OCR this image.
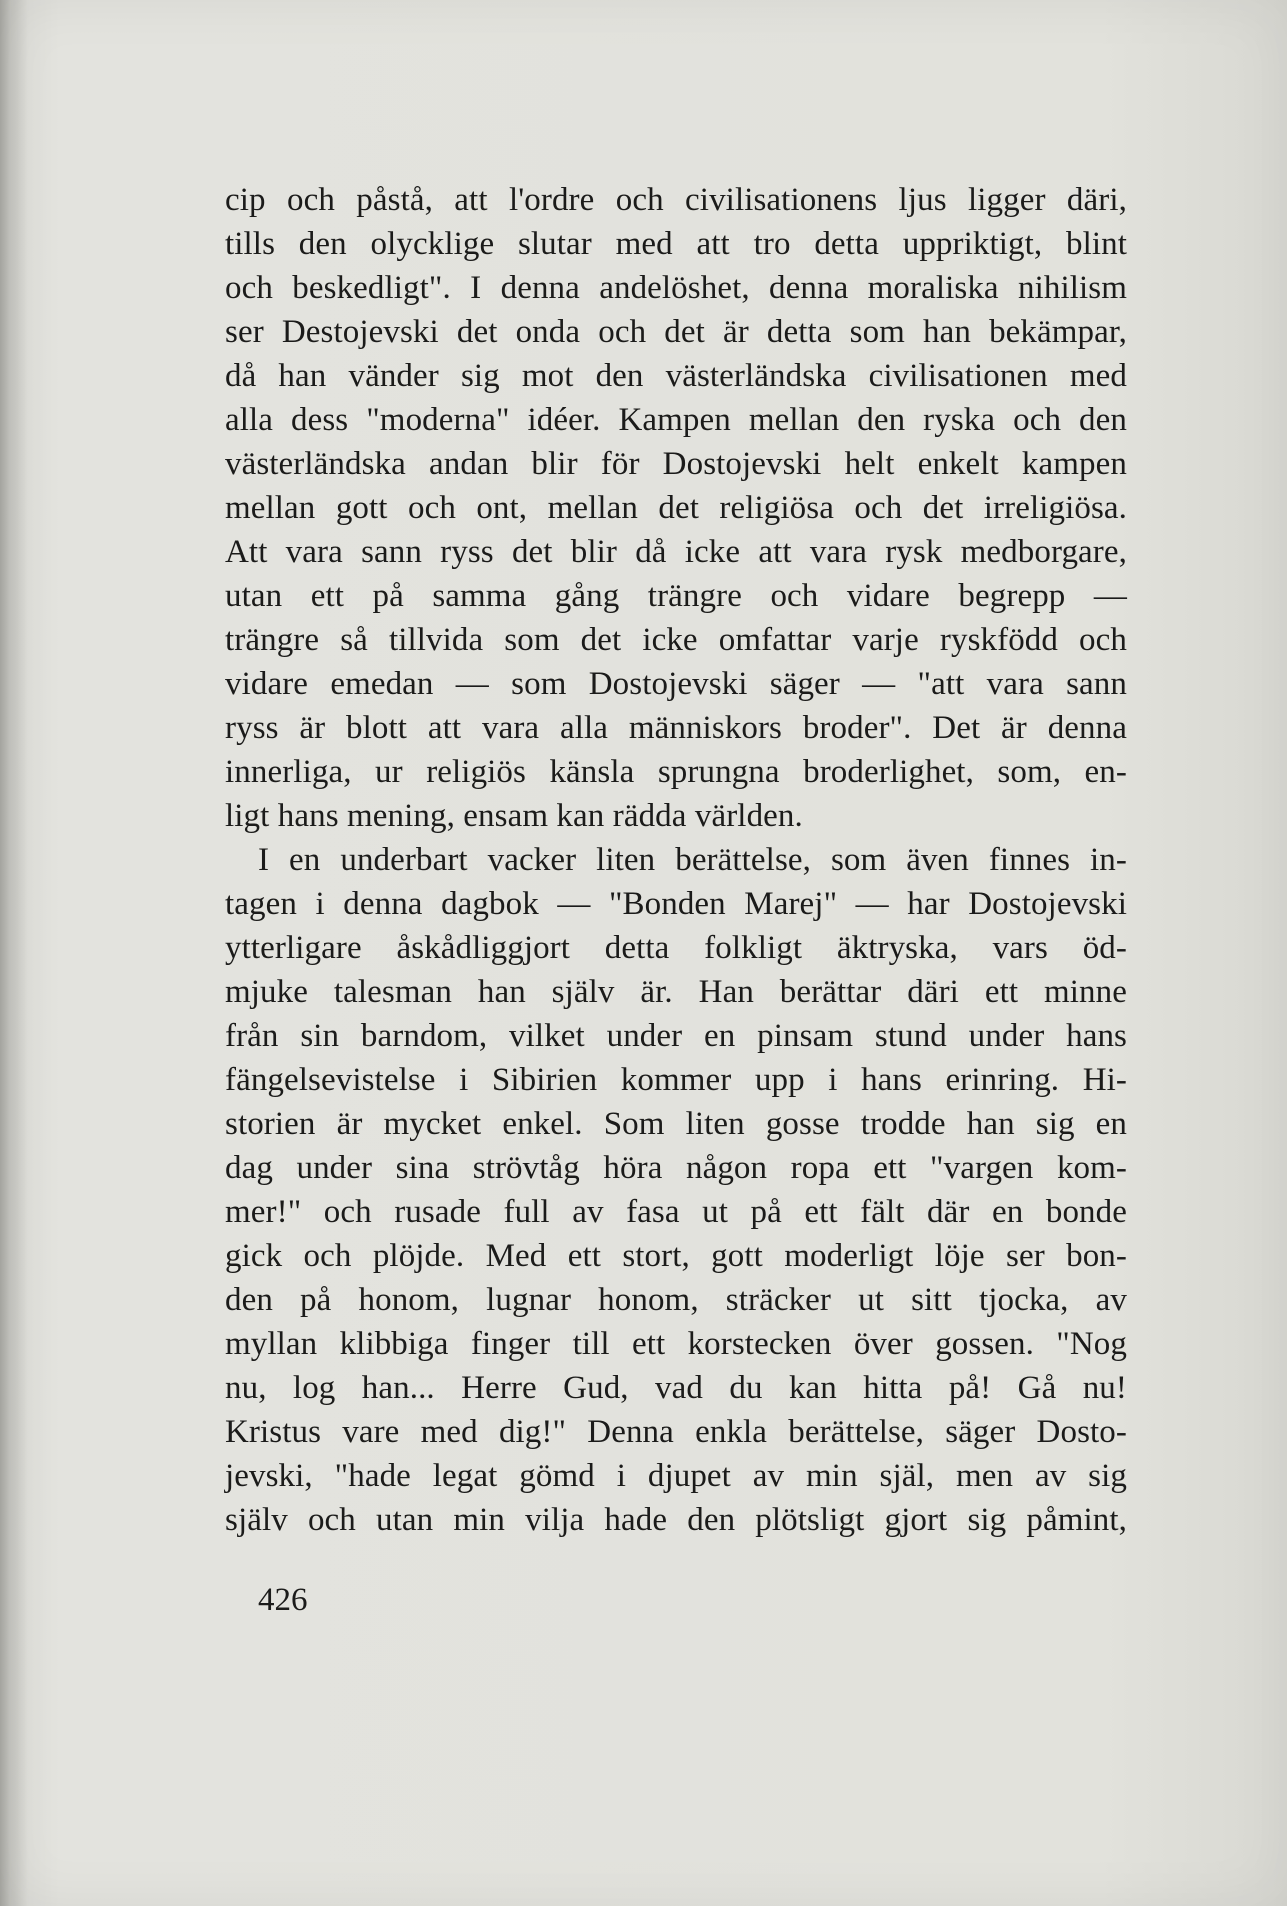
cip och påstå, att l'ordre och civilisationens ljus ligger däri,
tills den olycklige slutar med att tro detta uppriktigt, blint
och beskedligt". I denna andelöshet, denna moraliska nihilism
ser Destojevski det onda och det är detta som han bekämpar,
då han vänder sig mot den västerländska civilisationen med
alla dess "moderna" idéer. Kampen mellan den ryska och den
västerländska andan blir för Dostojevski helt enkelt kampen
mellan gott och ont, mellan det religiösa och det irreligiösa.
Att vara sann ryss det blir då icke att vara rysk medborgare,
utan ett på samma gång trängre och vidare begrepp —
trängre så tillvida som det icke omfattar varje ryskfödd och
vidare emedan — som Dostojevski säger — "att vara sann
ryss är blott att vara alla människors broder". Det är denna
innerliga, ur religiös känsla sprungna broderlighet, som, en-
ligt hans mening, ensam kan rädda världen.
I en underbart vacker liten berättelse, som även finnes in-
tagen i denna dagbok — "Bonden Marej" — har Dostojevski
ytterligare åskådliggjort detta folkligt äktryska, vars öd-
mjuke talesman han själv är. Han berättar däri ett minne
från sin barndom, vilket under en pinsam stund under hans
fängelsevistelse i Sibirien kommer upp i hans erinring. Hi-
storien är mycket enkel. Som liten gosse trodde han sig en
dag under sina strövtåg höra någon ropa ett "vargen kom-
mer!" och rusade full av fasa ut på ett fält där en bonde
gick och plöjde. Med ett stort, gott moderligt löje ser bon-
den på honom, lugnar honom, sträcker ut sitt tjocka, av
myllan klibbiga finger till ett korstecken över gossen. "Nog
nu, log han... Herre Gud, vad du kan hitta på! Gå nu!
Kristus vare med dig!" Denna enkla berättelse, säger Dosto-
jevski, "hade legat gömd i djupet av min själ, men av sig
själv och utan min vilja hade den plötsligt gjort sig påmint,
426
